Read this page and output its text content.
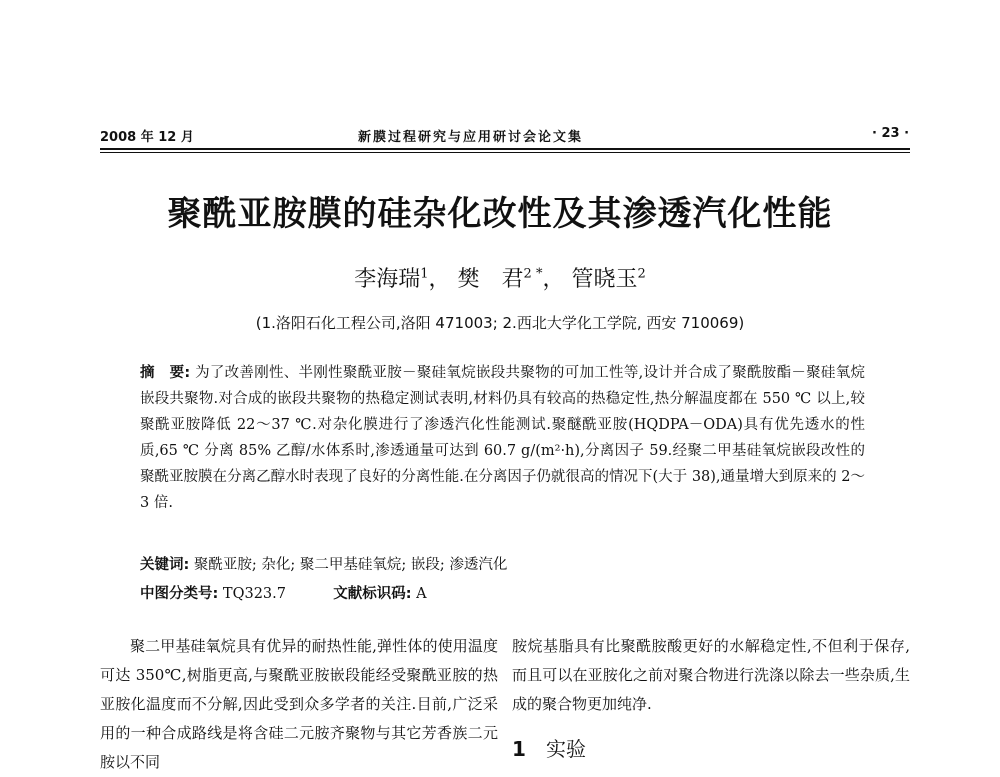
2008 年 12 月	新膜过程研究与应用研讨会论文集	· 23 ·
聚酰亚胺膜的硅杂化改性及其渗透汽化性能
李海瑞$^1$， 樊　君$^{2 *}$， 管晓玉$^2$
(1.洛阳石化工程公司,洛阳 471003; 2.西北大学化工学院, 西安 710069)
摘　要: 为了改善刚性、半刚性聚酰亚胺－聚硅氧烷嵌段共聚物的可加工性等,设计并合成了聚酰胺酯－聚硅氧烷嵌段共聚物.对合成的嵌段共聚物的热稳定测试表明,材料仍具有较高的热稳定性,热分解温度都在 550 ℃ 以上,较聚酰亚胺降低 22～37 ℃.对杂化膜进行了渗透汽化性能测试.聚醚酰亚胺(HQDPA－ODA)具有优先透水的性质,65 ℃ 分离 85% 乙醇/水体系时,渗透通量可达到 60.7 g/(m²·h),分离因子 59.经聚二甲基硅氧烷嵌段改性的聚酰亚胺膜在分离乙醇水时表现了良好的分离性能.在分离因子仍就很高的情况下(大于 38),通量增大到原来的 2～3 倍.
关键词: 聚酰亚胺; 杂化; 聚二甲基硅氧烷; 嵌段; 渗透汽化
中图分类号: TQ323.7	文献标识码: A

聚二甲基硅氧烷具有优异的耐热性能,弹性体的使用温度可达 350℃,树脂更高,与聚酰亚胺嵌段能经受聚酰亚胺的热亚胺化温度而不分解,因此受到众多学者的关注.目前,广泛采用的一种合成路线是将含硅二元胺齐聚物与其它芳香族二元胺以不同

胺烷基脂具有比聚酰胺酸更好的水解稳定性,不但利于保存,而且可以在亚胺化之前对聚合物进行洗涤以除去一些杂质,生成的聚合物更加纯净.

1 实验
